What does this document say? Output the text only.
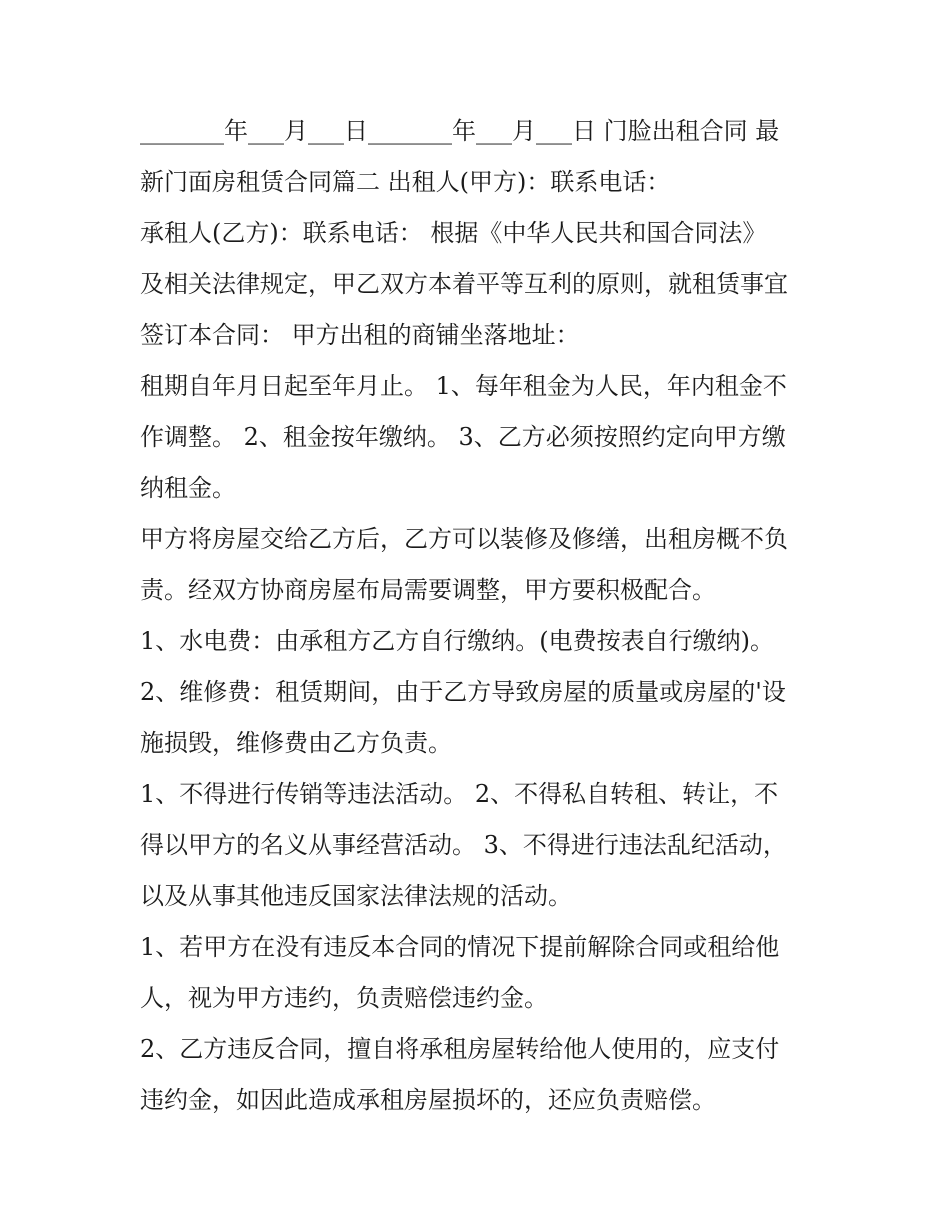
_______年___月___日_______年___月___日 门脸出租合同 最
新门面房租赁合同篇二 出租人(甲方)：联系电话：
承租人(乙方)：联系电话： 根据《中华人民共和国合同法》
及相关法律规定，甲乙双方本着平等互利的原则，就租赁事宜
签订本合同： 甲方出租的商铺坐落地址：
租期自年月日起至年月止。 1、每年租金为人民，年内租金不
作调整。 2、租金按年缴纳。 3、乙方必须按照约定向甲方缴
纳租金。
甲方将房屋交给乙方后，乙方可以装修及修缮，出租房概不负
责。经双方协商房屋布局需要调整，甲方要积极配合。
1、水电费：由承租方乙方自行缴纳。(电费按表自行缴纳)。
2、维修费：租赁期间，由于乙方导致房屋的质量或房屋的'设
施损毁，维修费由乙方负责。
1、不得进行传销等违法活动。 2、不得私自转租、转让，不
得以甲方的名义从事经营活动。 3、不得进行违法乱纪活动，
以及从事其他违反国家法律法规的活动。
1、若甲方在没有违反本合同的情况下提前解除合同或租给他
人，视为甲方违约，负责赔偿违约金。
2、乙方违反合同，擅自将承租房屋转给他人使用的，应支付
违约金，如因此造成承租房屋损坏的，还应负责赔偿。
